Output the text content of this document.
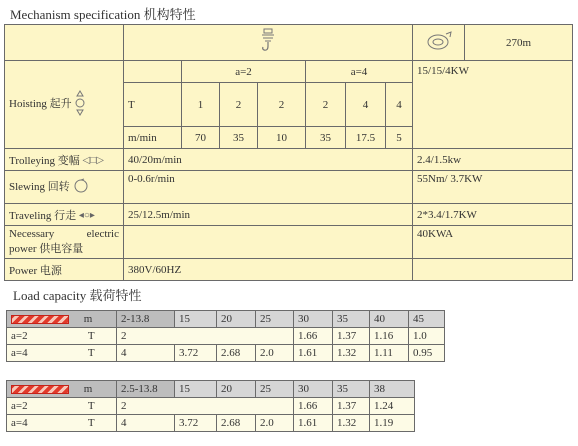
Mechanism specification 机构特性
			270m
Hoisting 起升		a=2			a=4			15/15/4KW	
	T	1	2	2	2	4	4		
	m/min	70	35	10	35	17.5	5		
Trolleying 变幅 ◁□▷	40/20m/min							2.4/1.5kw	
Slewing 回转	0-0.6r/min							55Nm/ 3.7KW	
Traveling 行走 ◂○▸	25/12.5m/min							2*3.4/1.7KW	

Necessary electric
power 供电容量								40KWA	
Power 电源	380V/60HZ								
Load capacity 载荷特性
m		2-13.8	15	20	25	30	35	40	45
a=2	T	2				1.66	1.37	1.16	1.0
a=4	T	4	3.72	2.68	2.0	1.61	1.32	1.11	0.95
m		2.5-13.8	15	20	25	30	35	38
a=2	T	2				1.66	1.37	1.24
a=4	T	4	3.72	2.68	2.0	1.61	1.32	1.19
